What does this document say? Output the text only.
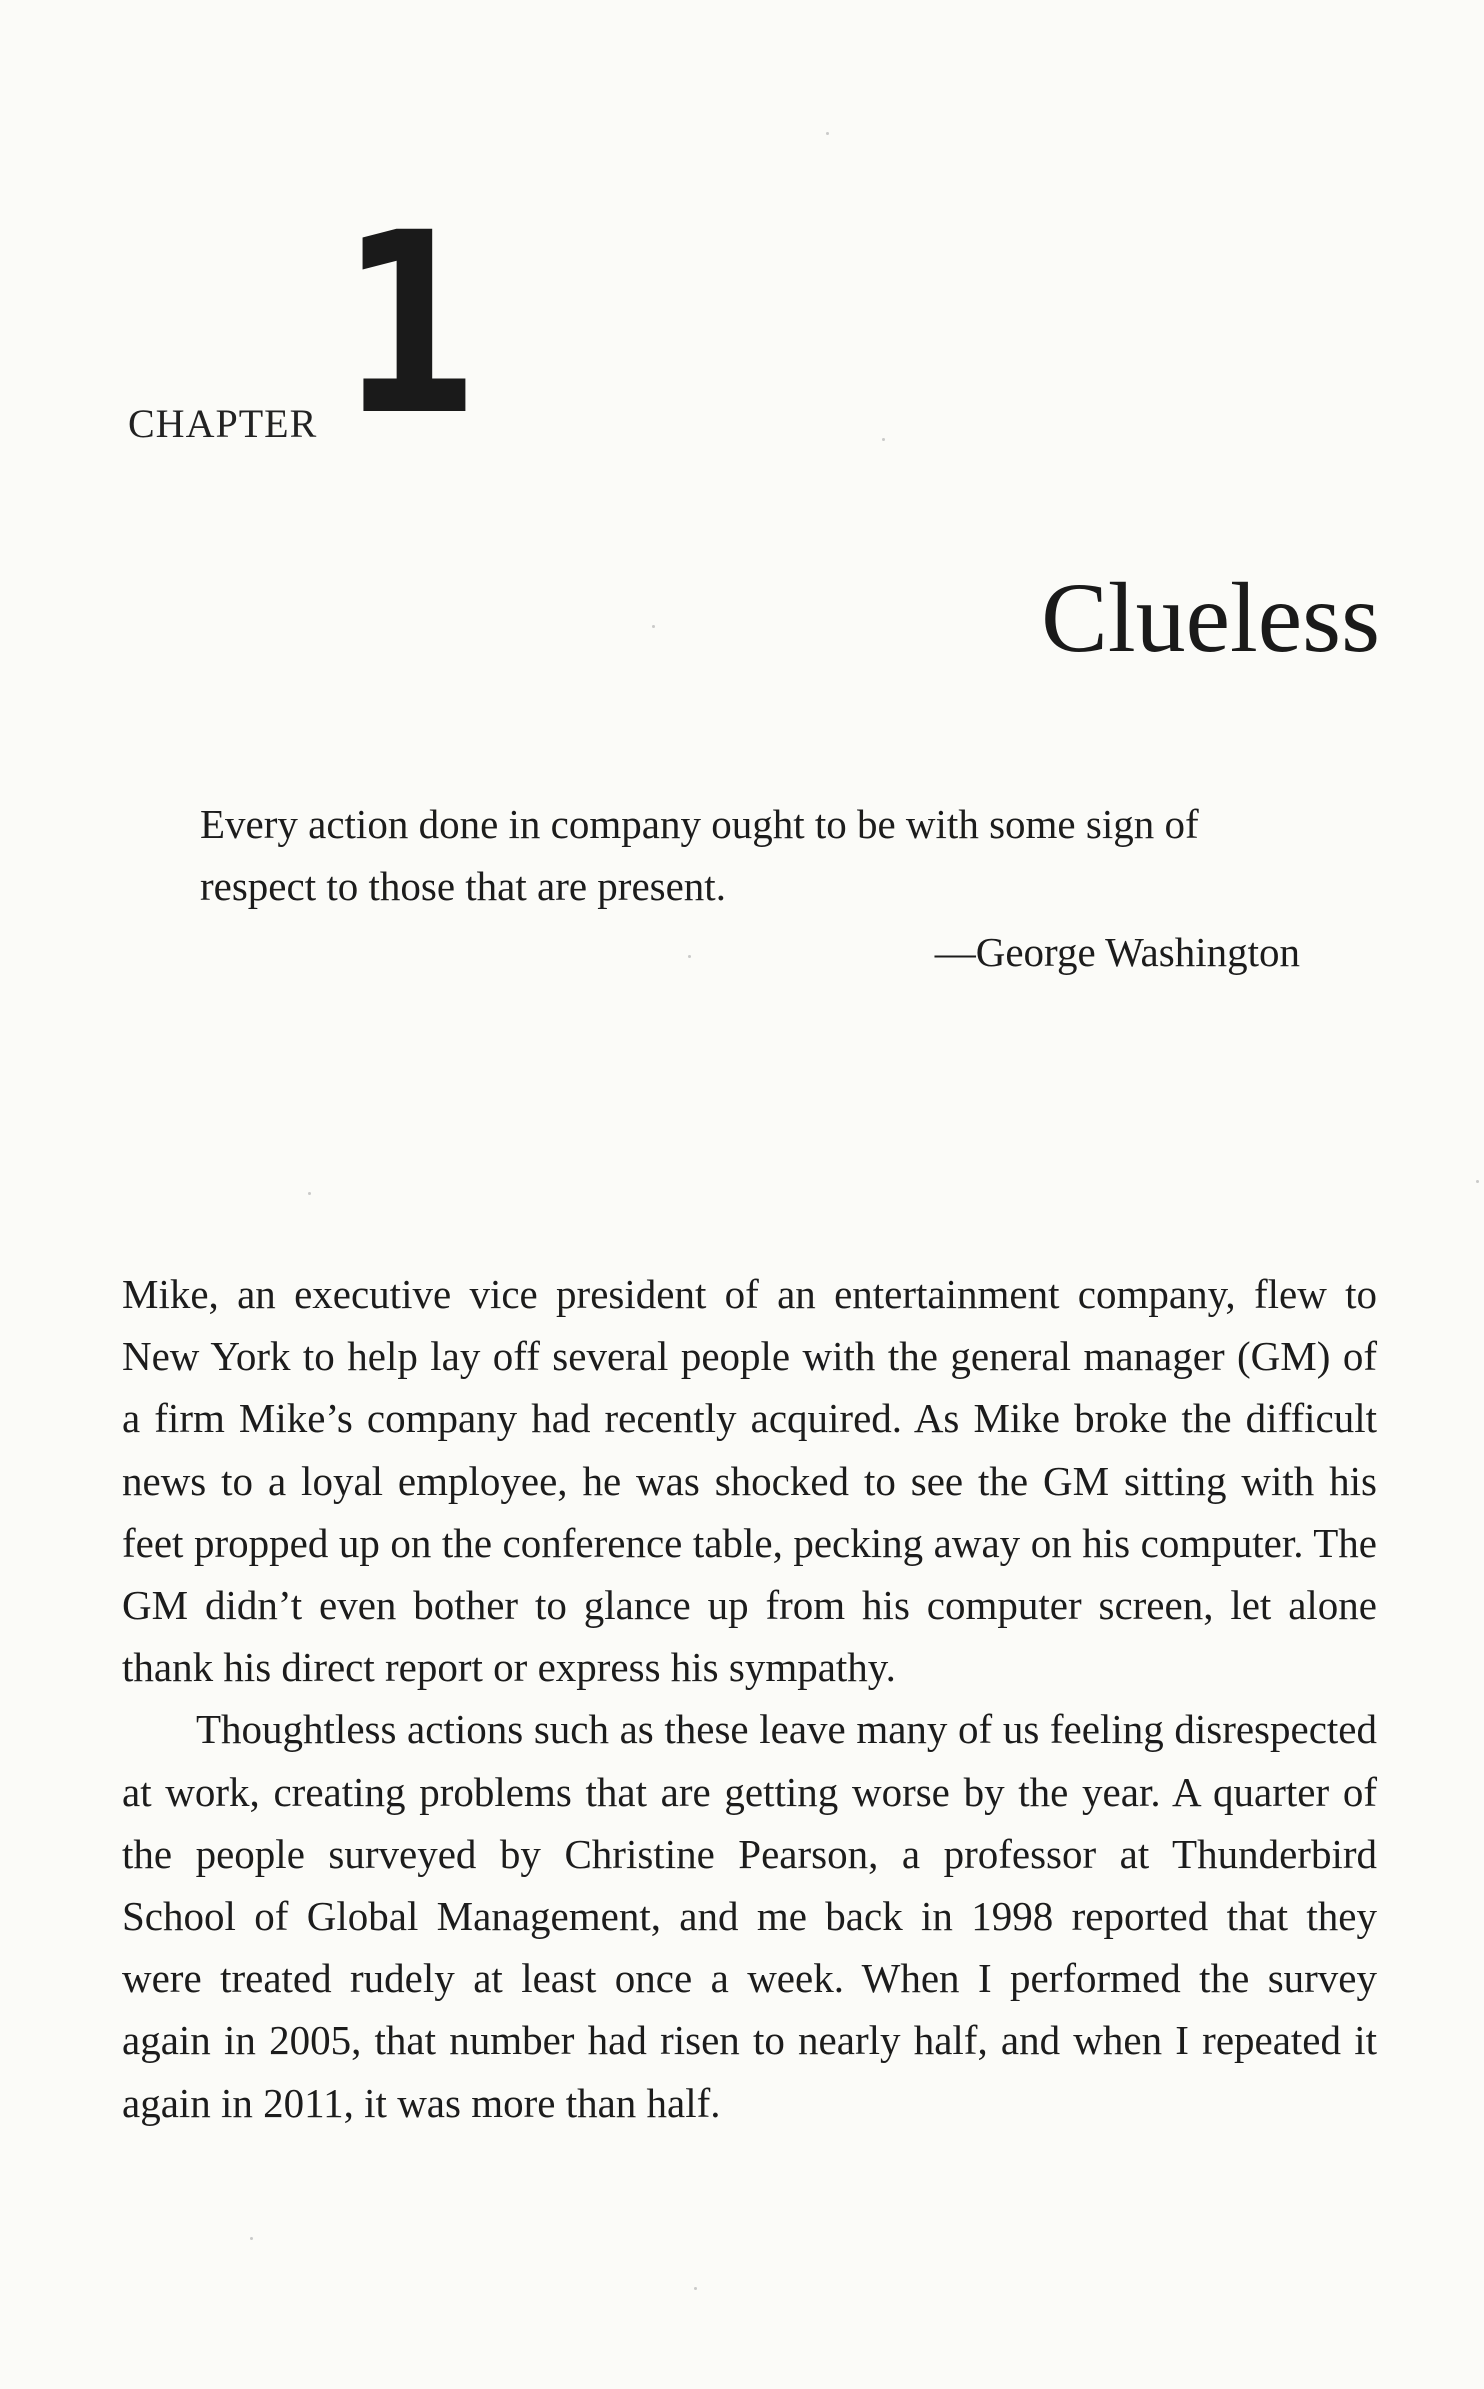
CHAPTER 1
Clueless

Every action done in company ought to be with some sign of respect to those that are present.

—George Washington

Mike, an executive vice president of an entertainment company, flew to New York to help lay off several people with the general manager (GM) of a firm Mike’s company had recently acquired. As Mike broke the difficult news to a loyal employee, he was shocked to see the GM sitting with his feet propped up on the conference table, pecking away on his computer. The GM didn’t even bother to glance up from his computer screen, let alone thank his direct report or express his sympathy.

Thoughtless actions such as these leave many of us feeling disrespected at work, creating problems that are getting worse by the year. A quarter of the people surveyed by Christine Pearson, a professor at Thunderbird School of Global Management, and me back in 1998 reported that they were treated rudely at least once a week. When I performed the survey again in 2005, that number had risen to nearly half, and when I repeated it again in 2011, it was more than half.
